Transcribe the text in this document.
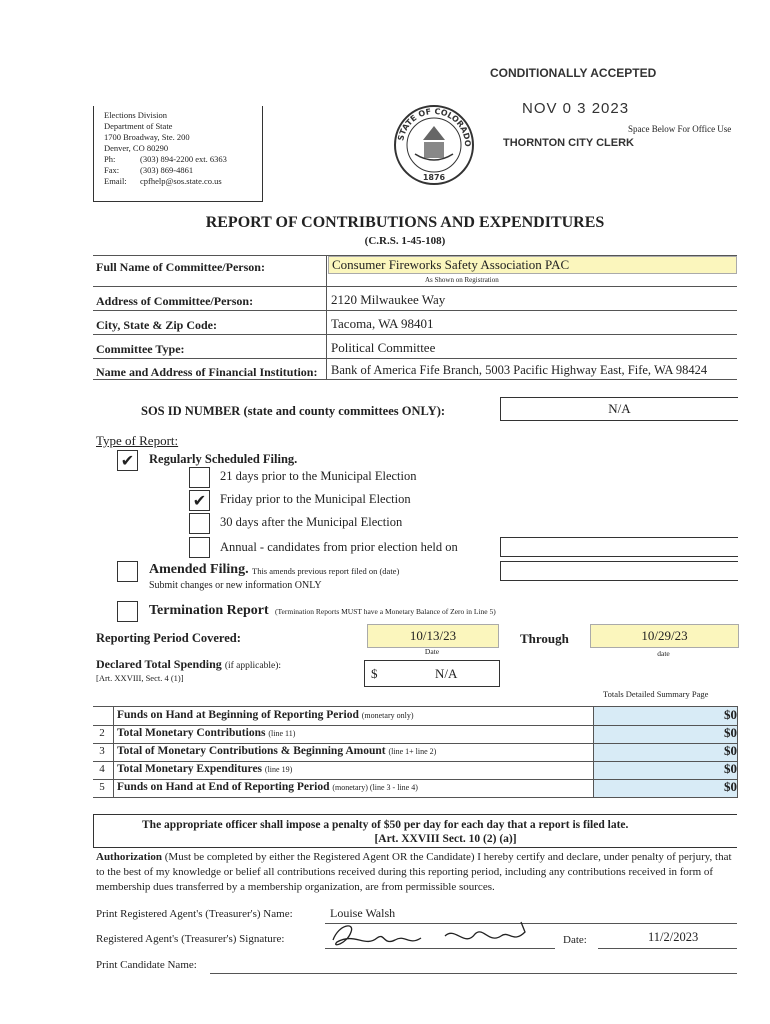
CONDITIONALLY ACCEPTED
NOV 0 3 2023
Space Below For Office Use
THORNTON CITY CLERK
Elections Division
Department of State
1700 Broadway, Ste. 200
Denver, CO 80290
Ph:	(303) 894-2200 ext. 6363
Fax: (303) 869-4861
Email: cpfhelp@sos.state.co.us
STATE OF COLORADO
1876
REPORT OF CONTRIBUTIONS AND EXPENDITURES
(C.R.S. 1-45-108)
Full Name of Committee/Person:	Consumer Fireworks Safety Association PAC
As Shown on Registration
Address of Committee/Person:	2120 Milwaukee Way
City, State & Zip Code:	Tacoma, WA 98401
Committee Type:	Political Committee
Name and Address of Financial Institution: Bank of America Fife Branch, 5003 Pacific Highway East, Fife, WA 98424
SOS ID NUMBER (state and county committees ONLY):	N/A
Type of Report:
✔	Regularly Scheduled Filing.
21 days prior to the Municipal Election
✔	Friday prior to the Municipal Election
30 days after the Municipal Election
Annual - candidates from prior election held on
Amended Filing. This amends previous report filed on (date)
Submit changes or new information ONLY
Termination Report (Termination Reports MUST have a Monetary Balance of Zero in Line 5)
Reporting Period Covered:	10/13/23
Date
Through	10/29/23
date
Declared Total Spending (if applicable):
[Art. XXVIII, Sect. 4 (1)]	$	N/A
Totals Detailed Summary Page
1	Funds on Hand at Beginning of Reporting Period (monetary only)	$0
2	Total Monetary Contributions (line 11)	$0
3	Total of Monetary Contributions & Beginning Amount (line 1+ line 2)	$0
4	Total Monetary Expenditures (line 19)	$0
5	Funds on Hand at End of Reporting Period (monetary) (line 3 - line 4)	$0
The appropriate officer shall impose a penalty of $50 per day for each day that a report is filed late.
[Art. XXVIII Sect. 10 (2) (a)]
Authorization (Must be completed by either the Registered Agent OR the Candidate) I hereby certify and declare, under penalty of perjury, that to the best of my knowledge or belief all contributions received during this reporting period, including any contributions received in form of membership dues transferred by a membership organization, are from permissible sources.
Print Registered Agent's (Treasurer's) Name:	Louise Walsh
Registered Agent's (Treasurer's) Signature:	Date:	11/2/2023
Print Candidate Name:
